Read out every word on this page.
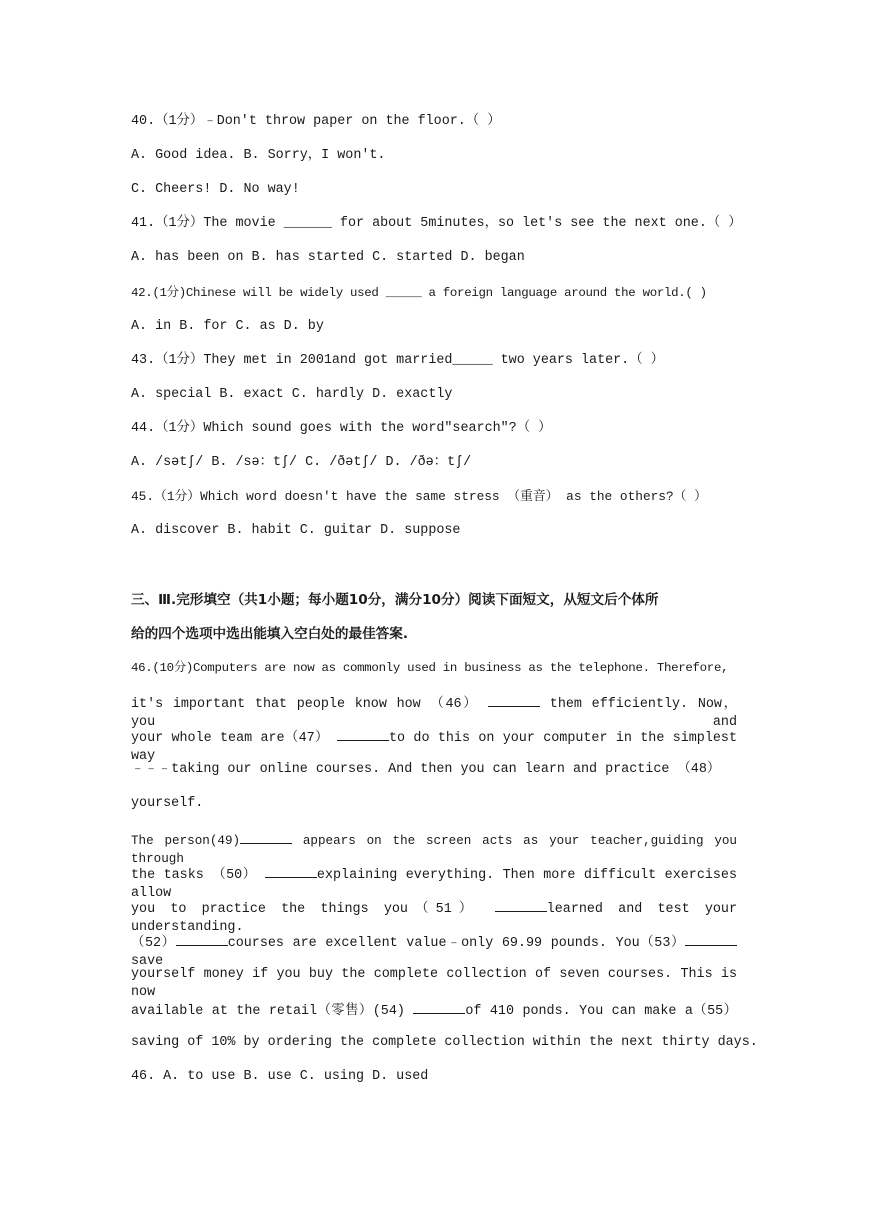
40.（1分）﹣Don't throw paper on the floor.（ ）
A. Good idea. B. Sorry，I won't.
C. Cheers! D. No way!
41.（1分）The movie ______ for about 5minutes，so let's see the next one.（ ）
A. has been on B. has started C. started D. began
42.(1分)Chinese will be widely used _____ a foreign language around the world.( )
A. in B. for C. as D. by
43.（1分）They met in 2001and got married_____ two years later.（ ）
A. special B. exact C. hardly D. exactly
44.（1分）Which sound goes with the word"search"?（ ）
A. /sətʃ/ B. /sə：tʃ/ C. /ðətʃ/ D. /ðə：tʃ/
45.（1分）Which word doesn't have the same stress （重音） as the others?（ ）
A. discover B. habit C. guitar D. suppose
三、Ⅲ.完形填空（共1小题；每小题10分，满分10分）阅读下面短文，从短文后个体所
给的四个选项中选出能填入空白处的最佳答案.
46.(10分)Computers are now as commonly used in business as the telephone. Therefore,
it's important that people know how （46）	them efficiently. Now，you and
your whole team are（47）	to do this on your computer in the simplest way
﹣﹣﹣taking our online courses. And then you can learn and practice （48）
yourself.
The person(49)	appears on the screen acts as your teacher,guiding you through
the tasks （50）	explaining everything. Then more difficult exercises allow
you to practice the things you（51）	learned and test your understanding.
（52）	courses are excellent value﹣only 69.99 pounds. You（53）save
yourself money if you buy the complete collection of seven courses. This is now
available at the retail（零售）(54)	of 410 ponds. You can make a（55）
saving of 10% by ordering the complete collection within the next thirty days.
46. A. to use B. use C. using D. used
